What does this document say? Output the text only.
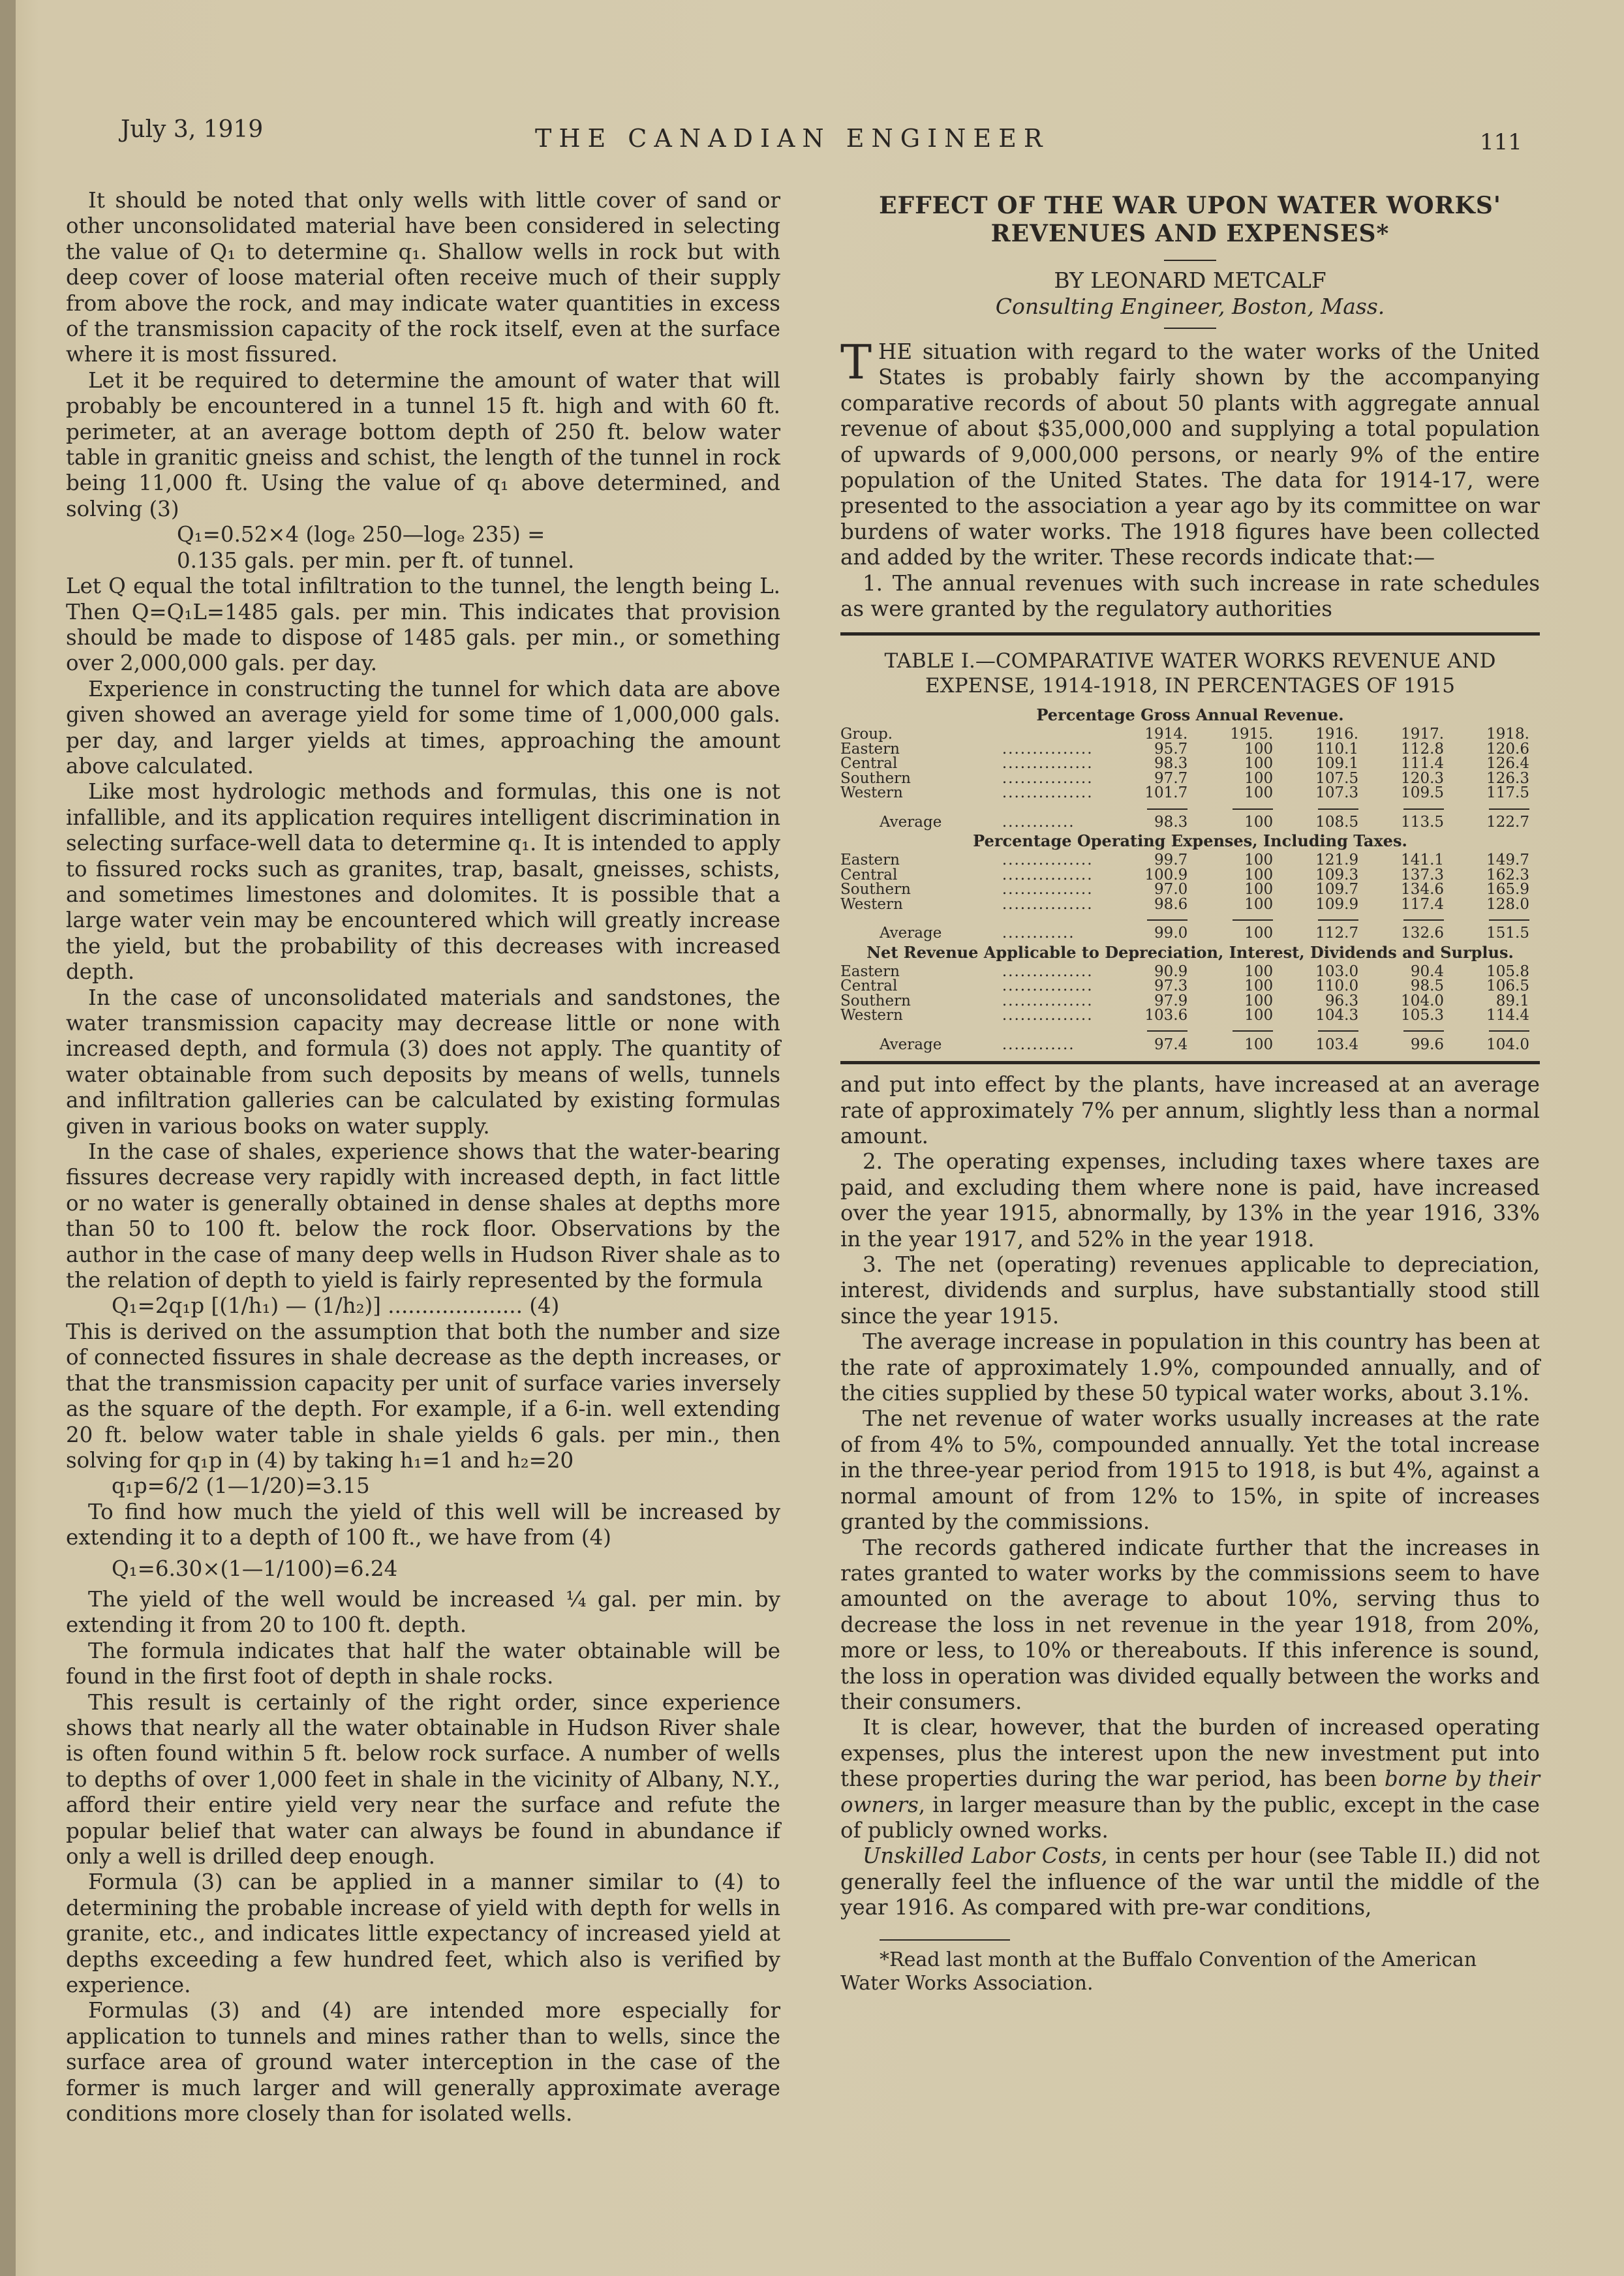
July 3, 1919	THE CANADIAN ENGINEER	111

It should be noted that only wells with little cover of sand or other unconsolidated material have been considered in selecting the value of Q₁ to determine q₁. Shallow wells in rock but with deep cover of loose material often receive much of their supply from above the rock, and may indicate water quantities in excess of the transmission capacity of the rock itself, even at the surface where it is most fissured.

Let it be required to determine the amount of water that will probably be encountered in a tunnel 15 ft. high and with 60 ft. perimeter, at an average bottom depth of 250 ft. below water table in granitic gneiss and schist, the length of the tunnel in rock being 11,000 ft. Using the value of q₁ above determined, and solving (3)

Q₁=0.52×4 (logₑ 250—logₑ 235) =
0.135 gals. per min. per ft. of tunnel.

Let Q equal the total infiltration to the tunnel, the length being L. Then Q=Q₁L=1485 gals. per min. This indicates that provision should be made to dispose of 1485 gals. per min., or something over 2,000,000 gals. per day.

Experience in constructing the tunnel for which data are above given showed an average yield for some time of 1,000,000 gals. per day, and larger yields at times, approaching the amount above calculated.

Like most hydrologic methods and formulas, this one is not infallible, and its application requires intelligent discrimination in selecting surface-well data to determine q₁. It is intended to apply to fissured rocks such as granites, trap, basalt, gneisses, schists, and sometimes limestones and dolomites. It is possible that a large water vein may be encountered which will greatly increase the yield, but the probability of this decreases with increased depth.

In the case of unconsolidated materials and sandstones, the water transmission capacity may decrease little or none with increased depth, and formula (3) does not apply. The quantity of water obtainable from such deposits by means of wells, tunnels and infiltration galleries can be calculated by existing formulas given in various books on water supply.

In the case of shales, experience shows that the water-bearing fissures decrease very rapidly with increased depth, in fact little or no water is generally obtained in dense shales at depths more than 50 to 100 ft. below the rock floor. Observations by the author in the case of many deep wells in Hudson River shale as to the relation of depth to yield is fairly represented by the formula

Q₁=2q₁p [(1/h₁) — (1/h₂)] .................... (4)

This is derived on the assumption that both the number and size of connected fissures in shale decrease as the depth increases, or that the transmission capacity per unit of surface varies inversely as the square of the depth. For example, if a 6-in. well extending 20 ft. below water table in shale yields 6 gals. per min., then solving for q₁p in (4) by taking h₁=1 and h₂=20

q₁p=6/2 (1—1/20)=3.15

To find how much the yield of this well will be increased by extending it to a depth of 100 ft., we have from (4)

Q₁=6.30×(1—1/100)=6.24

The yield of the well would be increased ¼ gal. per min. by extending it from 20 to 100 ft. depth.

The formula indicates that half the water obtainable will be found in the first foot of depth in shale rocks.

This result is certainly of the right order, since experience shows that nearly all the water obtainable in Hudson River shale is often found within 5 ft. below rock surface. A number of wells to depths of over 1,000 feet in shale in the vicinity of Albany, N.Y., afford their entire yield very near the surface and refute the popular belief that water can always be found in abundance if only a well is drilled deep enough.

Formula (3) can be applied in a manner similar to (4) to determining the probable increase of yield with depth for wells in granite, etc., and indicates little expectancy of increased yield at depths exceeding a few hundred feet, which also is verified by experience.

Formulas (3) and (4) are intended more especially for application to tunnels and mines rather than to wells, since the surface area of ground water interception in the case of the former is much larger and will generally approximate average conditions more closely than for isolated wells.

EFFECT OF THE WAR UPON WATER WORKS'
REVENUES AND EXPENSES*
BY LEONARD METCALF
Consulting Engineer, Boston, Mass.

THE situation with regard to the water works of the United States is probably fairly shown by the accompanying comparative records of about 50 plants with aggregate annual revenue of about $35,000,000 and supplying a total population of upwards of 9,000,000 persons, or nearly 9% of the entire population of the United States. The data for 1914-17, were presented to the association a year ago by its committee on war burdens of water works. The 1918 figures have been collected and added by the writer. These records indicate that:—

1. The annual revenues with such increase in rate schedules as were granted by the regulatory authorities

TABLE I.—COMPARATIVE WATER WORKS REVENUE AND
EXPENSE, 1914-1918, IN PERCENTAGES OF 1915
Percentage Gross Annual Revenue.						
Group.		1914.	1915.	1916.	1917.	1918.
Eastern	...............	95.7	100	110.1	112.8	120.6
Central	...............	98.3	100	109.1	111.4	126.4
Southern	...............	97.7	100	107.5	120.3	126.3
Western	...............	101.7	100	107.3	109.5	117.5

Average	............	98.3	100	108.5	113.5	122.7
Percentage Operating Expenses, Including Taxes.						
Eastern	...............	99.7	100	121.9	141.1	149.7
Central	...............	100.9	100	109.3	137.3	162.3
Southern	...............	97.0	100	109.7	134.6	165.9
Western	...............	98.6	100	109.9	117.4	128.0

Average	............	99.0	100	112.7	132.6	151.5
Net Revenue Applicable to Depreciation, Interest, Dividends and Surplus.						
Eastern	...............	90.9	100	103.0	90.4	105.8
Central	...............	97.3	100	110.0	98.5	106.5
Southern	...............	97.9	100	96.3	104.0	89.1
Western	...............	103.6	100	104.3	105.3	114.4

Average	............	97.4	100	103.4	99.6	104.0

and put into effect by the plants, have increased at an average rate of approximately 7% per annum, slightly less than a normal amount.

2. The operating expenses, including taxes where taxes are paid, and excluding them where none is paid, have increased over the year 1915, abnormally, by 13% in the year 1916, 33% in the year 1917, and 52% in the year 1918.

3. The net (operating) revenues applicable to depreciation, interest, dividends and surplus, have substantially stood still since the year 1915.

The average increase in population in this country has been at the rate of approximately 1.9%, compounded annually, and of the cities supplied by these 50 typical water works, about 3.1%.

The net revenue of water works usually increases at the rate of from 4% to 5%, compounded annually. Yet the total increase in the three-year period from 1915 to 1918, is but 4%, against a normal amount of from 12% to 15%, in spite of increases granted by the commissions.

The records gathered indicate further that the increases in rates granted to water works by the commissions seem to have amounted on the average to about 10%, serving thus to decrease the loss in net revenue in the year 1918, from 20%, more or less, to 10% or thereabouts. If this inference is sound, the loss in operation was divided equally between the works and their consumers.

It is clear, however, that the burden of increased operating expenses, plus the interest upon the new investment put into these properties during the war period, has been borne by their owners, in larger measure than by the public, except in the case of publicly owned works.

Unskilled Labor Costs, in cents per hour (see Table II.) did not generally feel the influence of the war until the middle of the year 1916. As compared with pre-war conditions,

*Read last month at the Buffalo Convention of the American Water Works Association.
